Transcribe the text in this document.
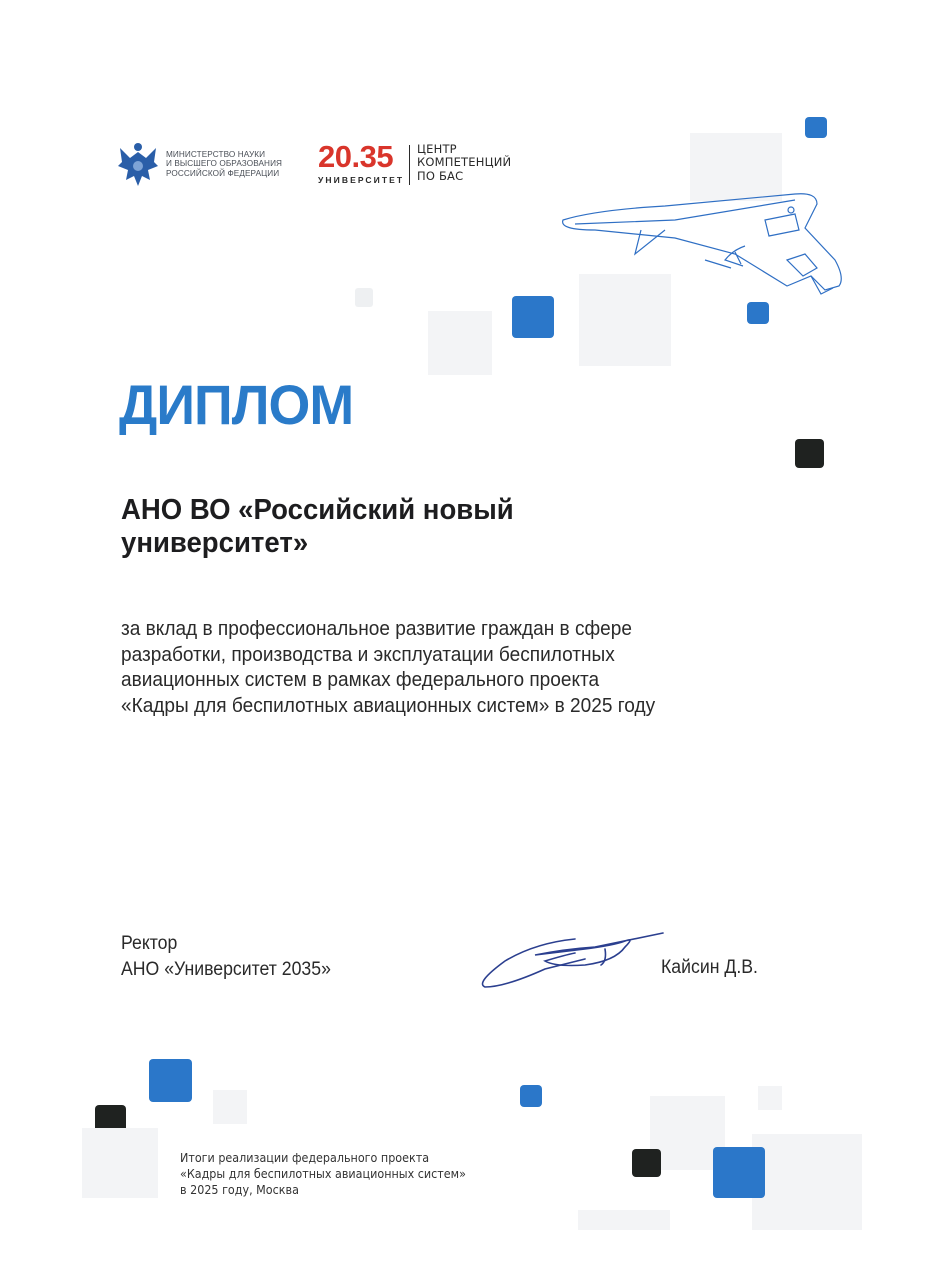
МИНИСТЕРСТВО НАУКИ
И ВЫСШЕГО ОБРАЗОВАНИЯ
РОССИЙСКОЙ ФЕДЕРАЦИИ	20.35
УНИВЕРСИТЕТ
ЦЕНТР
КОМПЕТЕНЦИЙ
ПО БАС
ДИПЛОМ
АНО ВО «Российский новый
университет»
за вклад в профессиональное развитие граждан в сфере
разработки, производства и эксплуатации беспилотных
авиационных систем в рамках федерального проекта
«Кадры для беспилотных авиационных систем» в 2025 году
Ректор
АНО «Университет 2035»	Кайсин Д.В.
Итоги реализации федерального проекта
«Кадры для беспилотных авиационных систем»
в 2025 году, Москва
